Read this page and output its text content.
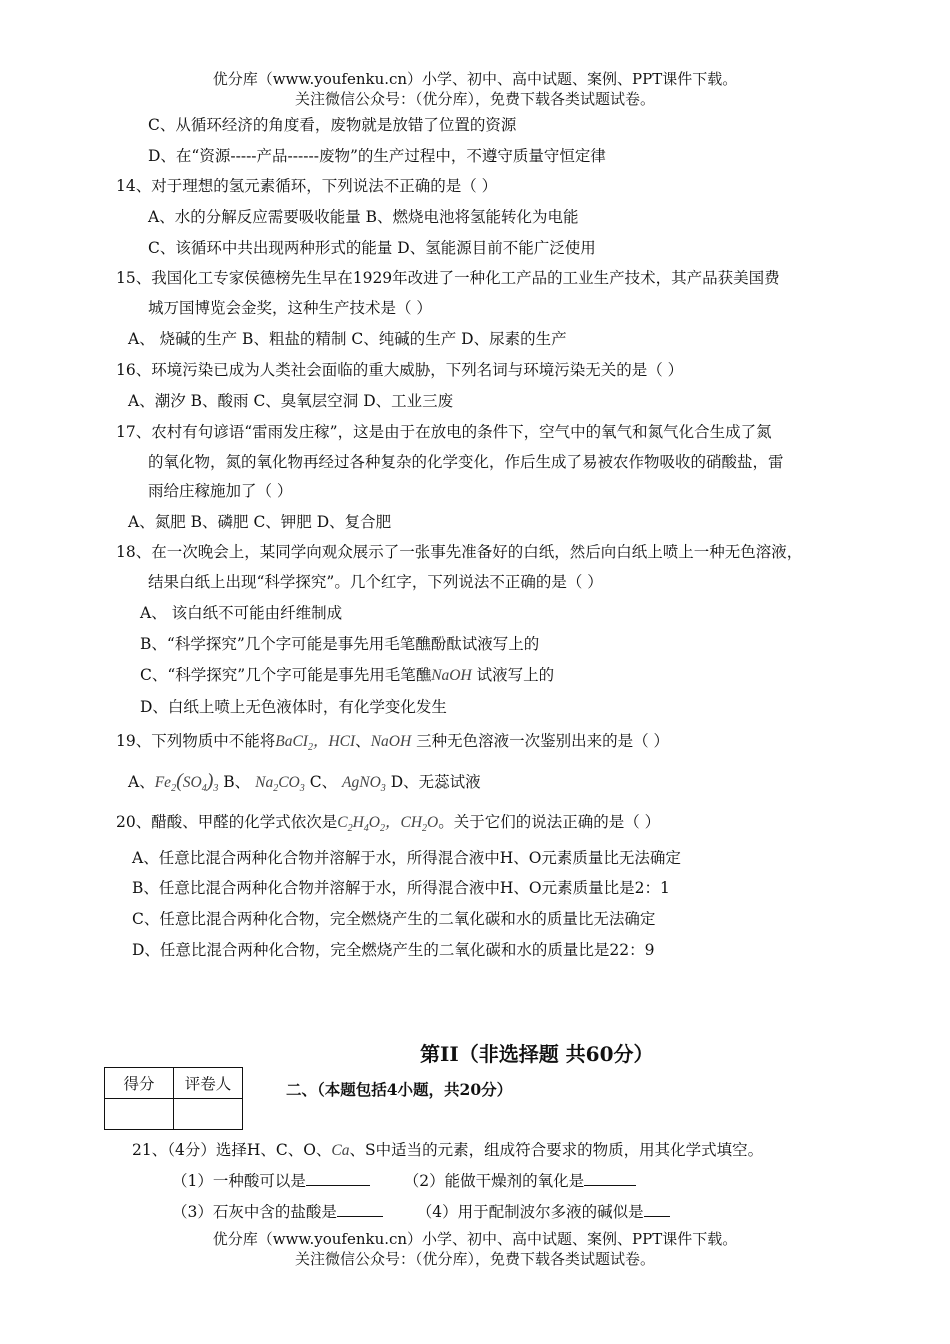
优分库（www.youfenku.cn）小学、初中、高中试题、案例、PPT课件下载。
关注微信公众号：（优分库），免费下载各类试题试卷。
C、从循环经济的角度看，废物就是放错了位置的资源
D、在“资源-----产品------废物”的生产过程中，不遵守质量守恒定律
14、对于理想的氢元素循环，下列说法不正确的是（ ）
A、水的分解反应需要吸收能量 B、燃烧电池将氢能转化为电能
C、该循环中共出现两种形式的能量 D、氢能源目前不能广泛使用
15、我国化工专家侯德榜先生早在1929年改进了一种化工产品的工业生产技术，其产品获美国费
城万国博览会金奖，这种生产技术是（ ）
A、 烧碱的生产 B、粗盐的精制 C、纯碱的生产 D、尿素的生产
16、环境污染已成为人类社会面临的重大威胁，下列名词与环境污染无关的是（ ）
A、潮汐 B、酸雨 C、臭氧层空洞 D、工业三废
17、农村有句谚语“雷雨发庄稼”，这是由于在放电的条件下，空气中的氧气和氮气化合生成了氮
的氧化物，氮的氧化物再经过各种复杂的化学变化，作后生成了易被农作物吸收的硝酸盐，雷
雨给庄稼施加了（ ）
A、氮肥 B、磷肥 C、钾肥 D、复合肥
18、在一次晚会上，某同学向观众展示了一张事先准备好的白纸，然后向白纸上喷上一种无色溶液，
结果白纸上出现“科学探究”。几个红字，下列说法不正确的是（ ）
A、 该白纸不可能由纤维制成
B、“科学探究”几个字可能是事先用毛笔醮酚酞试液写上的
C、“科学探究”几个字可能是事先用毛笔醮NaOH 试液写上的
D、白纸上喷上无色液体时，有化学变化发生
19、下列物质中不能将BaCI$_2$，HCI、NaOH 三种无色溶液一次鉴别出来的是（ ）
A、$Fe_2(SO_4)_3$ B、 $Na_2CO_3$ C、 AgNO$_3$ D、无蕊试液
20、醋酸、甲醛的化学式依次是$C_2H_4O_2$，$CH_2O$。关于它们的说法正确的是（ ）
A、任意比混合两种化合物并溶解于水，所得混合液中H、O元素质量比无法确定
B、任意比混合两种化合物并溶解于水，所得混合液中H、O元素质量比是2：1
C、任意比混合两种化合物，完全燃烧产生的二氧化碳和水的质量比无法确定
D、任意比混合两种化合物，完全燃烧产生的二氧化碳和水的质量比是22：9
第II（非选择题 共60分）
得分	评卷人
		二、（本题包括4小题，共20分）
21、（4分）选择H、C、O、Ca、S中适当的元素，组成符合要求的物质，用其化学式填空。
（1）一种酸可以是	（2）能做干燥剂的氧化是
（3）石灰中含的盐酸是	（4）用于配制波尔多液的碱似是
优分库（www.youfenku.cn）小学、初中、高中试题、案例、PPT课件下载。
关注微信公众号：（优分库），免费下载各类试题试卷。
